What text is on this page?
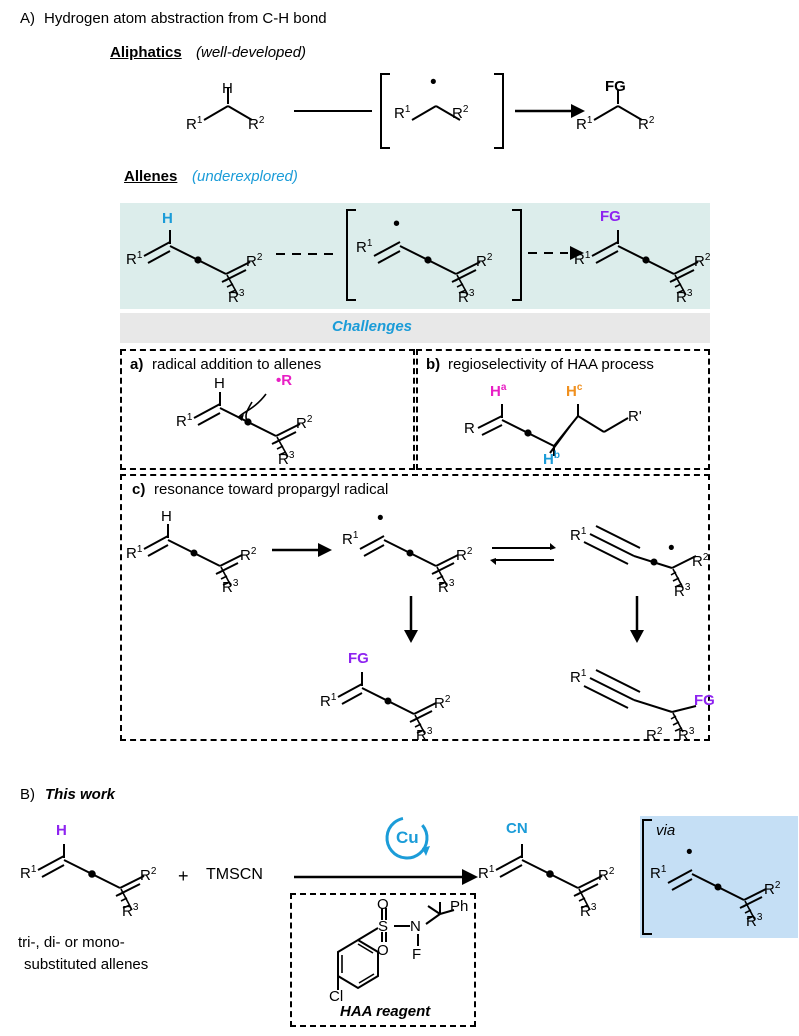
A) Hydrogen atom abstraction from C-H bond
Aliphatics (well-developed)
H
$R^1$	$R^2$
•
$R^1$	$R^2$
FG
$R^1$	$R^2$
Allenes (underexplored)
H
$R^1$	$R^2$
$R^3$
•
$R^1$
$R^2$
$R^3$
FG
$R^1$	$R^2$
$R^3$
Challenges
a) radical addition to allenes
H	•R
$R^1$	$R^2$
$R^3$
b) regioselectivity of HAA process
$H^a$
$H^b$
$H^c$
R
R'
c) resonance toward propargyl radical
H
$R^1$	$R^2$
$R^3$
•
$R^1$
$R^2$
$R^3$
$R^1$
•
$R^2$
$R^3$
FG
$R^1$	$R^2$
$R^3$
$R^1$
FG
$R^2$ $R^3$
B) This work
H
$R^1$	$R^2$
$R^3$
tri-, di- or mono-
substituted allenes
+ TMSCN
Cu
O
S
O
N
F
Ph
Cl
HAA reagent
CN
$R^1$	$R^2$
$R^3$
via
•
$R^1$
$R^2$
$R^3$
